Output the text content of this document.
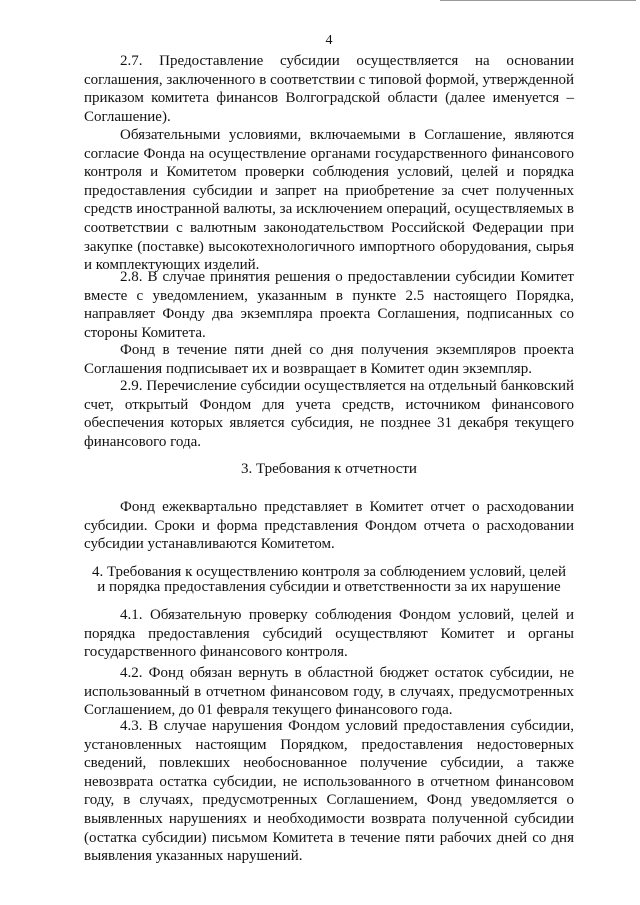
4

2.7. Предоставление субсидии осуществляется на основании соглашения, заключенного в соответствии с типовой формой, утвержденной приказом комитета финансов Волгоградской области (далее именуется – Соглашение).

Обязательными условиями, включаемыми в Соглашение, являются согласие Фонда на осуществление органами государственного финансового контроля и Комитетом проверки соблюдения условий, целей и порядка предоставления субсидии и запрет на приобретение за счет полученных средств иностранной валюты, за исключением операций, осуществляемых в соответствии с валютным законодательством Российской Федерации при закупке (поставке) высокотехнологичного импортного оборудования, сырья и комплектующих изделий.

2.8. В случае принятия решения о предоставлении субсидии Комитет вместе с уведомлением, указанным в пункте 2.5 настоящего Порядка, направляет Фонду два экземпляра проекта Соглашения, подписанных со стороны Комитета.

Фонд в течение пяти дней со дня получения экземпляров проекта Соглашения подписывает их и возвращает в Комитет один экземпляр.

2.9. Перечисление субсидии осуществляется на отдельный банковский счет, открытый Фондом для учета средств, источником финансового обеспечения которых является субсидия, не позднее 31 декабря текущего финансового года.

3. Требования к отчетности

Фонд ежеквартально представляет в Комитет отчет о расходовании субсидии. Сроки и форма представления Фондом отчета о расходовании субсидии устанавливаются Комитетом.

4. Требования к осуществлению контроля за соблюдением условий, целей
и порядка предоставления субсидии и ответственности за их нарушение

4.1. Обязательную проверку соблюдения Фондом условий, целей и порядка предоставления субсидий осуществляют Комитет и органы государственного финансового контроля.

4.2. Фонд обязан вернуть в областной бюджет остаток субсидии, не использованный в отчетном финансовом году, в случаях, предусмотренных Соглашением, до 01 февраля текущего финансового года.

4.3. В случае нарушения Фондом условий предоставления субсидии, установленных настоящим Порядком, предоставления недостоверных сведений, повлекших необоснованное получение субсидии, а также невозврата остатка субсидии, не использованного в отчетном финансовом году, в случаях, предусмотренных Соглашением, Фонд уведомляется о выявленных нарушениях и необходимости возврата полученной субсидии (остатка субсидии) письмом Комитета в течение пяти рабочих дней со дня выявления указанных нарушений.
